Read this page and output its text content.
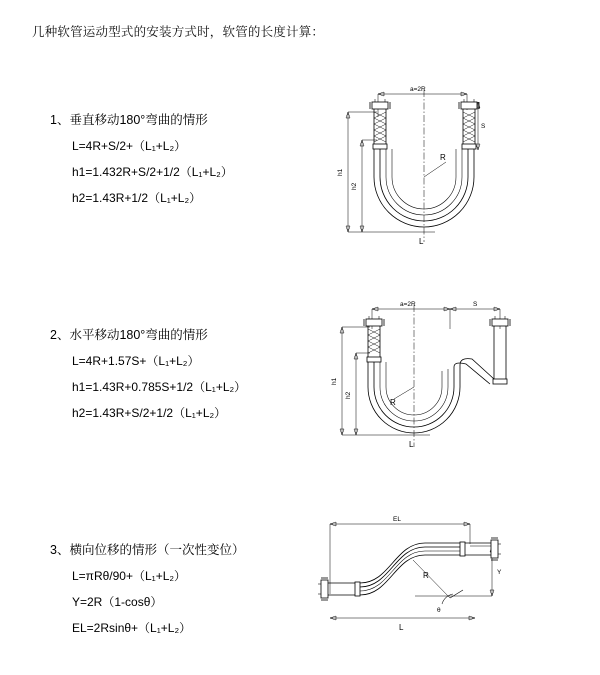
几种软管运动型式的安装方式时，软管的长度计算：
1、垂直移动180°弯曲的情形
L=4R+S/2+（L₁+L₂）
h1=1.432R+S/2+1/2（L₁+L₂）
h2=1.43R+1/2（L₁+L₂）
a=2R
S
h1
h2
R
L
2、水平移动180°弯曲的情形
L=4R+1.57S+（L₁+L₂）
h1=1.43R+0.785S+1/2（L₁+L₂）
h2=1.43R+S/2+1/2（L₁+L₂）
a=2R	S
h1
h2
R
L
3、横向位移的情形（一次性变位）
L=πRθ/90+（L₁+L₂）
Y=2R（1-cosθ）
EL=2Rsinθ+（L₁+L₂）
EL
Y
L
R
θ
